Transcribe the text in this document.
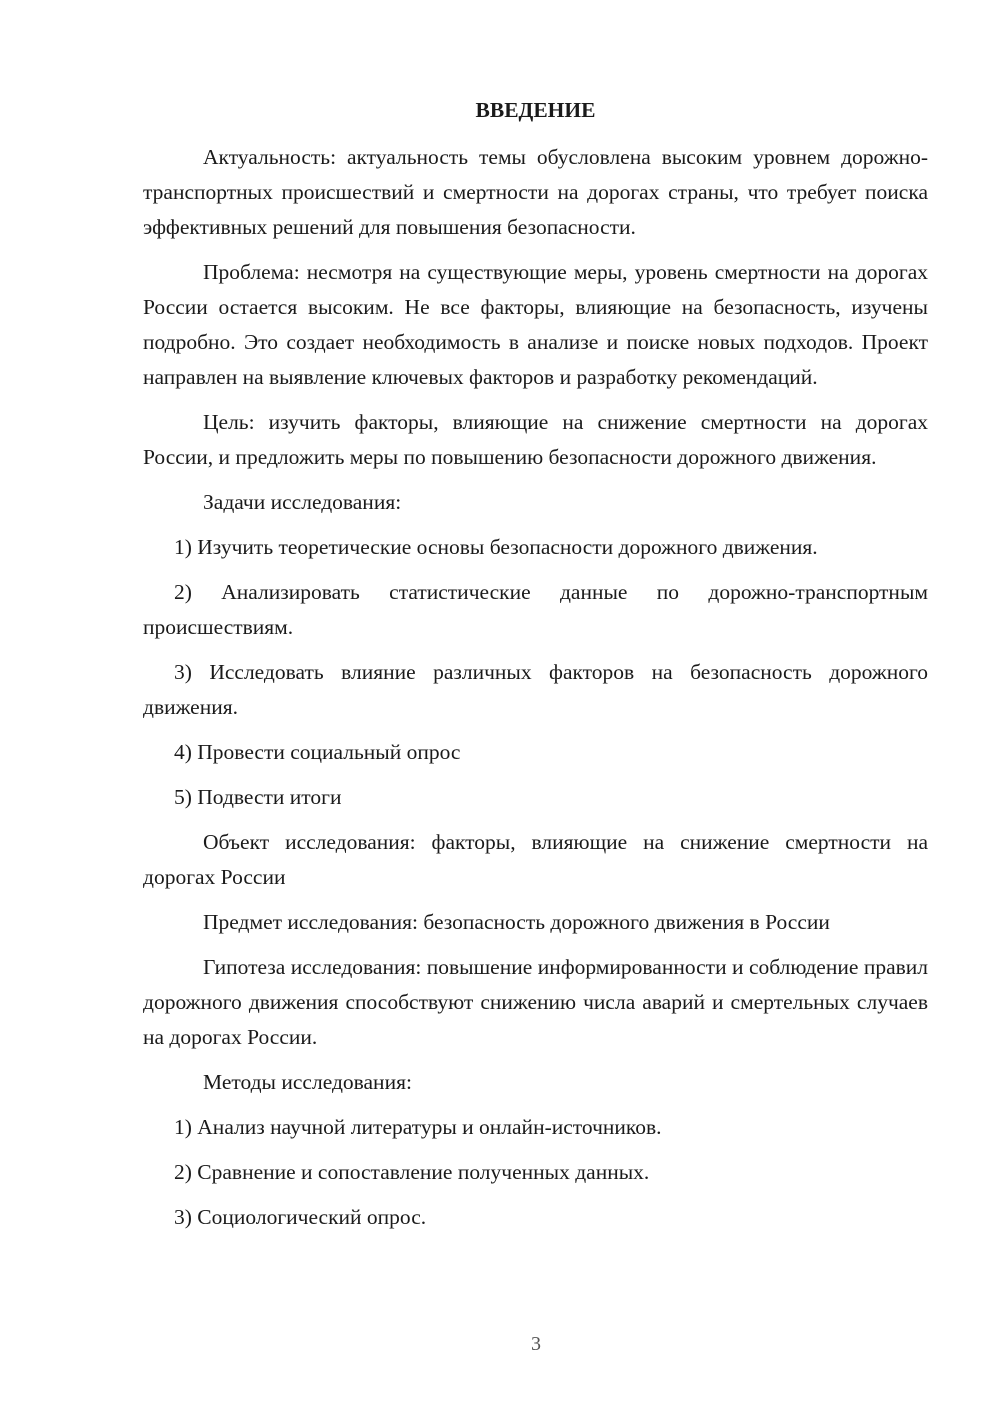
ВВЕДЕНИЕ

Актуальность: актуальность темы обусловлена высоким уровнем дорожно-транспортных происшествий и смертности на дорогах страны, что требует поиска эффективных решений для повышения безопасности.

Проблема: несмотря на существующие меры, уровень смертности на дорогах России остается высоким. Не все факторы, влияющие на безопасность, изучены подробно. Это создает необходимость в анализе и поиске новых подходов. Проект направлен на выявление ключевых факторов и разработку рекомендаций.

Цель: изучить факторы, влияющие на снижение смертности на дорогах России, и предложить меры по повышению безопасности дорожного движения.

Задачи исследования:

1) Изучить теоретические основы безопасности дорожного движения.

2) Анализировать статистические данные по дорожно-транспортным происшествиям.

3) Исследовать влияние различных факторов на безопасность дорожного движения.

4) Провести социальный опрос

5) Подвести итоги

Объект исследования: факторы, влияющие на снижение смертности на дорогах России

Предмет исследования: безопасность дорожного движения в России

Гипотеза исследования: повышение информированности и соблюдение правил дорожного движения способствуют снижению числа аварий и смертельных случаев на дорогах России.

Методы исследования:

1) Анализ научной литературы и онлайн-источников.

2) Сравнение и сопоставление полученных данных.

3) Социологический опрос.

3
